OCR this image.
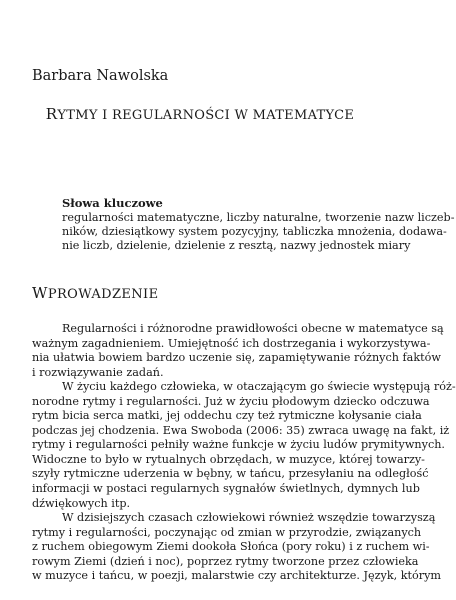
Barbara Nawolska
RYTMY I REGULARNOŚCI W MATEMATYCE
Słowa kluczowe
regularności matematyczne, liczby naturalne, tworzenie nazw liczeb-
ników, dziesiątkowy system pozycyjny, tabliczka mnożenia, dodawa-
nie liczb, dzielenie, dzielenie z resztą, nazwy jednostek miary
WPROWADZENIE
Regularności i różnorodne prawidłowości obecne w matematyce są
ważnym zagadnieniem. Umiejętność ich dostrzegania i wykorzystywa-
nia ułatwia bowiem bardzo uczenie się, zapamiętywanie różnych faktów
i rozwiązywanie zadań.
W życiu każdego człowieka, w otaczającym go świecie występują róż-
norodne rytmy i regularności. Już w życiu płodowym dziecko odczuwa
rytm bicia serca matki, jej oddechu czy też rytmiczne kołysanie ciała
podczas jej chodzenia. Ewa Swoboda (2006: 35) zwraca uwagę na fakt, iż
rytmy i regularności pełniły ważne funkcje w życiu ludów prymitywnych.
Widoczne to było w rytualnych obrzędach, w muzyce, której towarzy-
szyły rytmiczne uderzenia w bębny, w tańcu, przesyłaniu na odległość
informacji w postaci regularnych sygnałów świetlnych, dymnych lub
dźwiękowych itp.
W dzisiejszych czasach człowiekowi również wszędzie towarzyszą
rytmy i regularności, poczynając od zmian w przyrodzie, związanych
z ruchem obiegowym Ziemi dookoła Słońca (pory roku) i z ruchem wi-
rowym Ziemi (dzień i noc), poprzez rytmy tworzone przez człowieka
w muzyce i tańcu, w poezji, malarstwie czy architekturze. Język, którym
